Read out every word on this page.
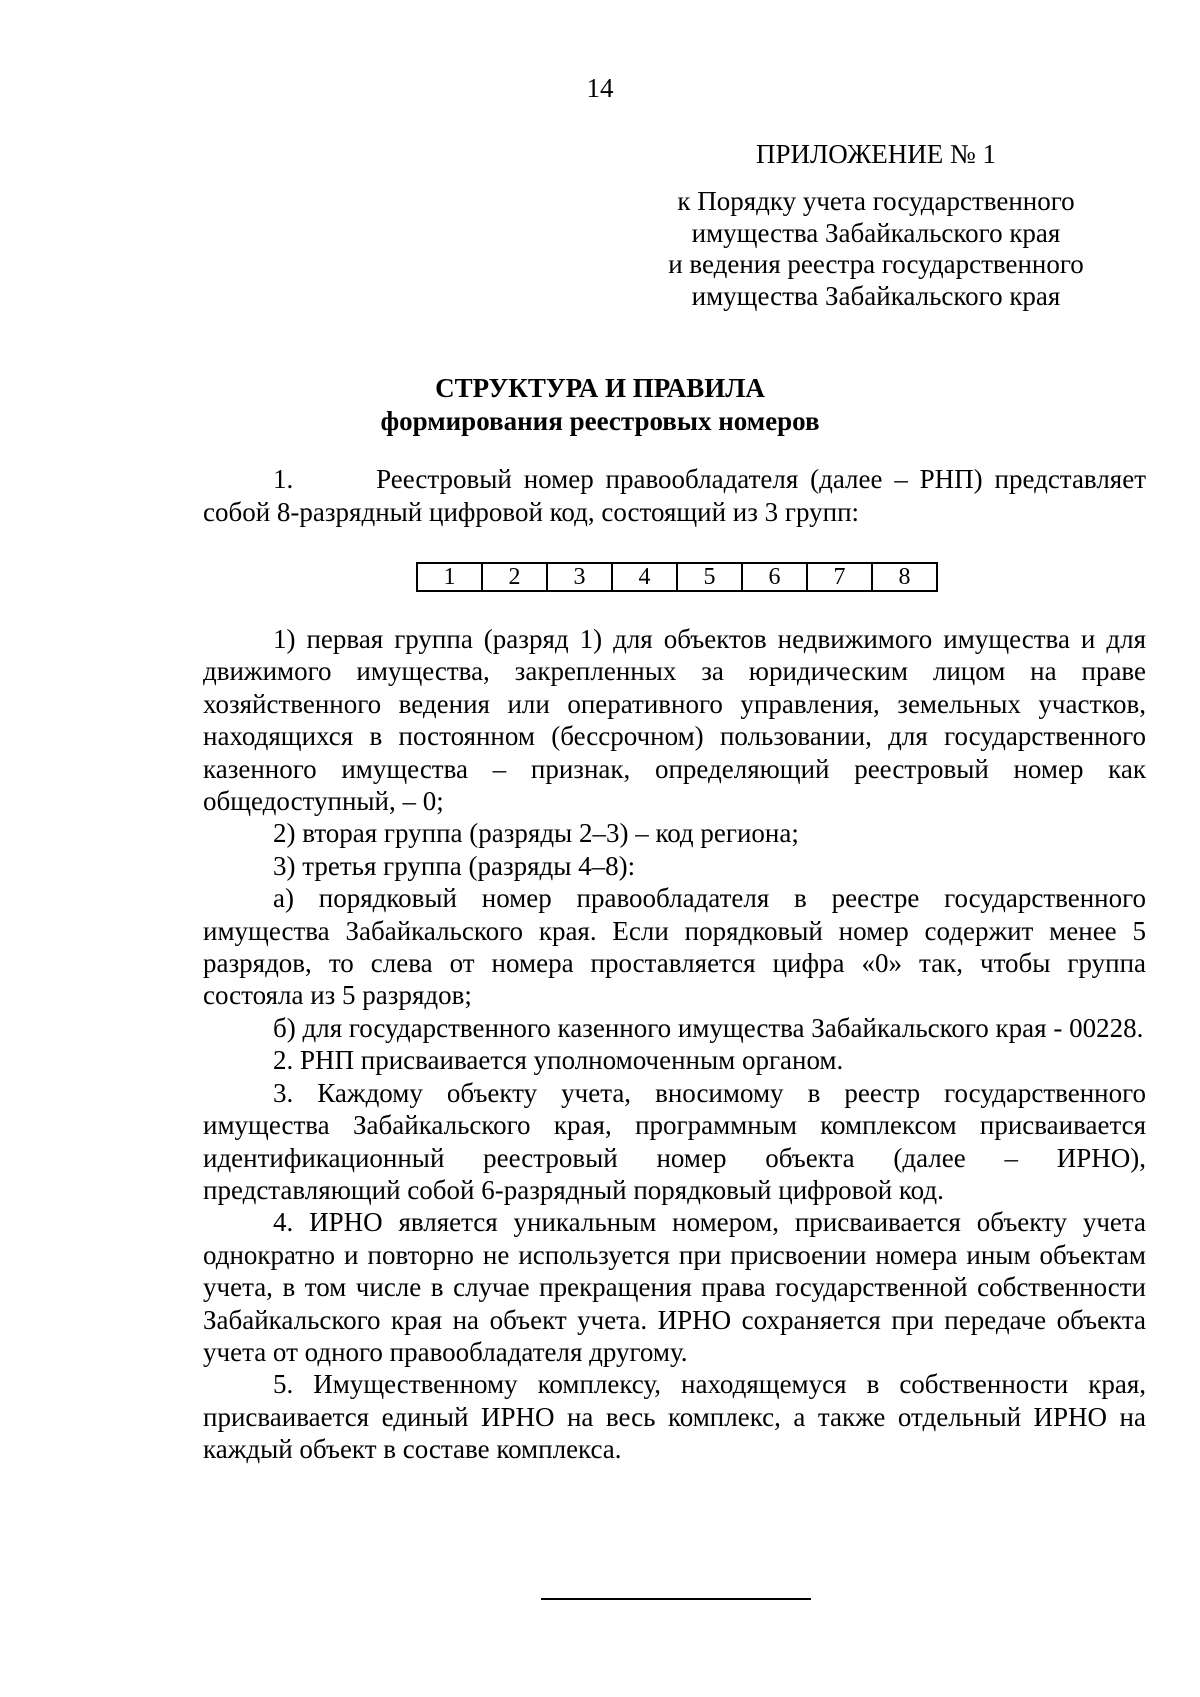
14
ПРИЛОЖЕНИЕ № 1
к Порядку учета государственного
имущества Забайкальского края
и ведения реестра государственного
имущества Забайкальского края
СТРУКТУРА И ПРАВИЛА
формирования реестровых номеров
1.       Реестровый номер правообладателя (далее – РНП) представляет собой 8-разрядный цифровой код, состоящий из 3 групп:
1	2	3	4	5	6	7	8

1) первая группа (разряд 1) для объектов недвижимого имущества и для движимого имущества, закрепленных за юридическим лицом на праве хозяйственного ведения или оперативного управления, земельных участков, находящихся в постоянном (бессрочном) пользовании, для государственного казенного имущества – признак, определяющий реестровый номер как общедоступный, – 0;

2) вторая группа (разряды 2–3) – код региона;

3) третья группа (разряды 4–8):

а) порядковый номер правообладателя в реестре государственного имущества Забайкальского края. Если порядковый номер содержит менее 5 разрядов, то слева от номера проставляется цифра «0» так, чтобы группа состояла из 5 разрядов;

б) для государственного казенного имущества Забайкальского края - 00228.

2. РНП присваивается уполномоченным органом.

3. Каждому объекту учета, вносимому в реестр государственного имущества Забайкальского края, программным комплексом присваивается идентификационный реестровый номер объекта (далее – ИРНО), представляющий собой 6-разрядный порядковый цифровой код.

4. ИРНО является уникальным номером, присваивается объекту учета однократно и повторно не используется при присвоении номера иным объектам учета, в том числе в случае прекращения права государственной собственности Забайкальского края на объект учета. ИРНО сохраняется при передаче объекта учета от одного правообладателя другому.

5. Имущественному комплексу, находящемуся в собственности края, присваивается единый ИРНО на весь комплекс, а также отдельный ИРНО на каждый объект в составе комплекса.
